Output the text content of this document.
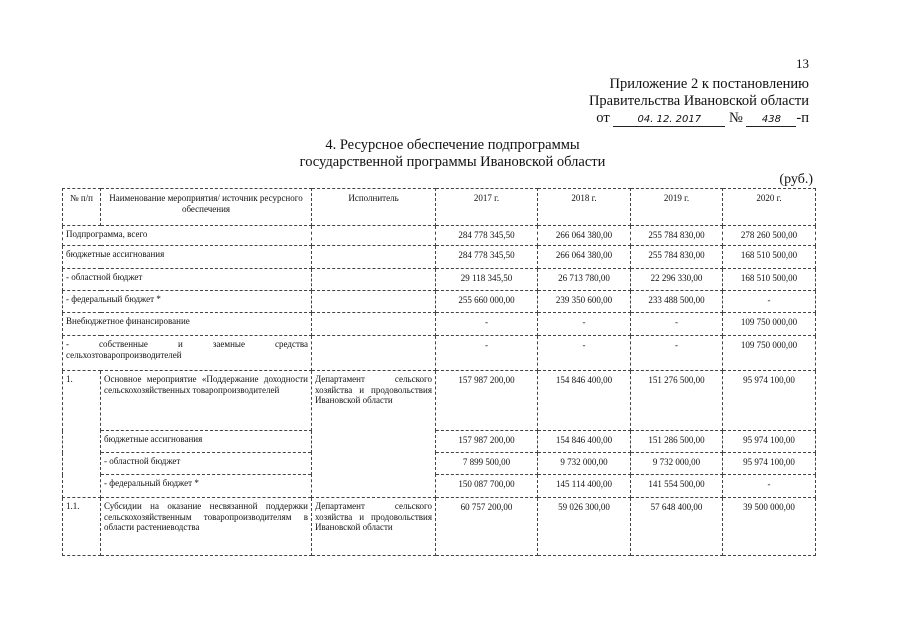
13
Приложение 2 к постановлению
Правительства Ивановской области
от	04. 12. 2017 № 438 -п
4. Ресурсное обеспечение подпрограммы
государственной программы Ивановской области
(руб.)
№ п/п	Наименование мероприятия/ источник ресурсного обеспечения	Исполнитель	2017 г.	2018 г.	2019 г.	2020 г.
Подпрограмма, всего			284 778 345,50	266 064 380,00	255 784 830,00	278 260 500,00
бюджетные ассигнования			284 778 345,50	266 064 380,00	255 784 830,00	168 510 500,00
- областной бюджет			29 118 345,50	26 713 780,00	22 296 330,00	168 510 500,00
- федеральный бюджет *			255 660 000,00	239 350 600,00	233 488 500,00	-
Внебюджетное финансирование			-	-	-	109 750 000,00
- собственные и заемные средства сельхозтоваропроизводителей			-	-	-	109 750 000,00
1.	Основное мероприятие «Поддержание доходности сельскохозяйственных товаропроизводителей	Департамент сельского хозяйства и продовольствия Ивановской области	157 987 200,00	154 846 400,00	151 276 500,00	95 974 100,00
	бюджетные ассигнования		157 987 200,00	154 846 400,00	151 286 500,00	95 974 100,00
	- областной бюджет		7 899 500,00	9 732 000,00	9 732 000,00	95 974 100,00
	- федеральный бюджет *		150 087 700,00	145 114 400,00	141 554 500,00	-
1.1.	Субсидии на оказание несвязанной поддержки сельскохозяйственным товаропроизводителям в области растениеводства	Департамент сельского хозяйства и продовольствия Ивановской области	60 757 200,00	59 026 300,00	57 648 400,00	39 500 000,00
